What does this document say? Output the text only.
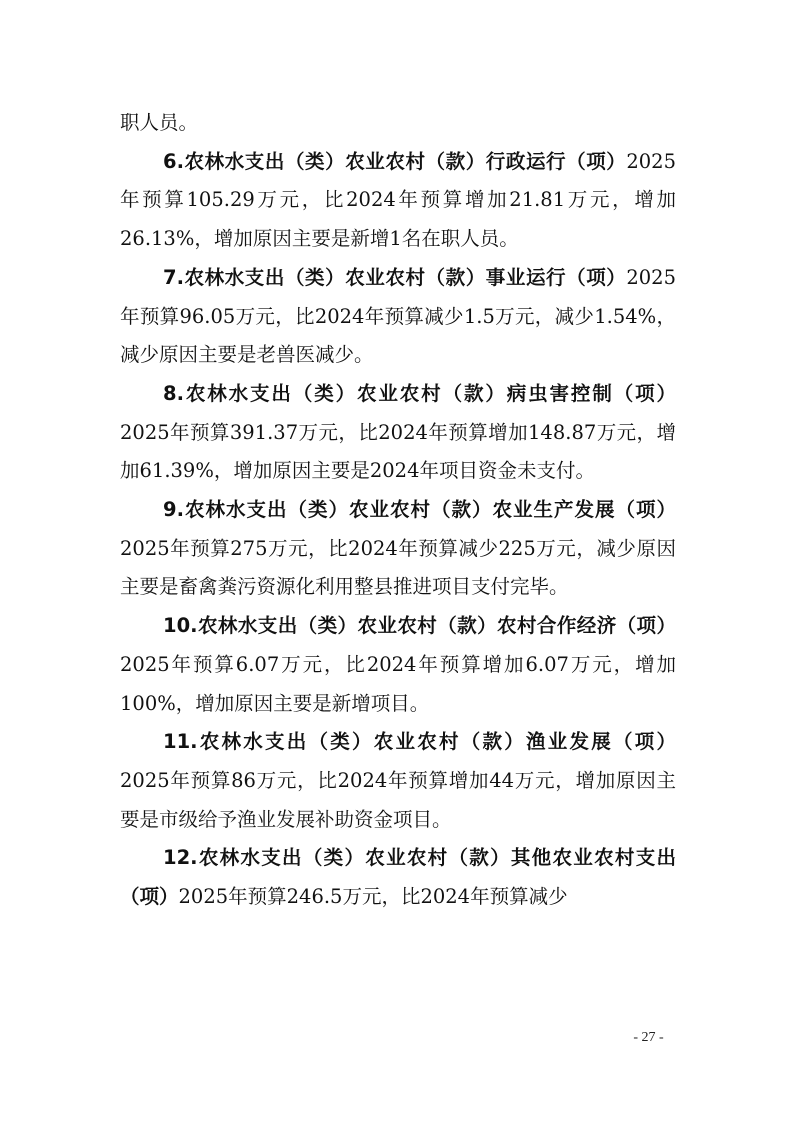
职人员。

6.农林水支出（类）农业农村（款）行政运行（项）2025年预算105.29万元，比2024年预算增加21.81万元，增加26.13%，增加原因主要是新增1名在职人员。

7.农林水支出（类）农业农村（款）事业运行（项）2025年预算96.05万元，比2024年预算减少1.5万元，减少1.54%，减少原因主要是老兽医减少。

8.农林水支出（类）农业农村（款）病虫害控制（项）2025年预算391.37万元，比2024年预算增加148.87万元，增加61.39%，增加原因主要是2024年项目资金未支付。

9.农林水支出（类）农业农村（款）农业生产发展（项）2025年预算275万元，比2024年预算减少225万元，减少原因主要是畜禽粪污资源化利用整县推进项目支付完毕。

10.农林水支出（类）农业农村（款）农村合作经济（项）2025年预算6.07万元，比2024年预算增加6.07万元，增加100%，增加原因主要是新增项目。

11.农林水支出（类）农业农村（款）渔业发展（项）2025年预算86万元，比2024年预算增加44万元，增加原因主要是市级给予渔业发展补助资金项目。

12.农林水支出（类）农业农村（款）其他农业农村支出（项）2025年预算246.5万元，比2024年预算减少

- 27 -
